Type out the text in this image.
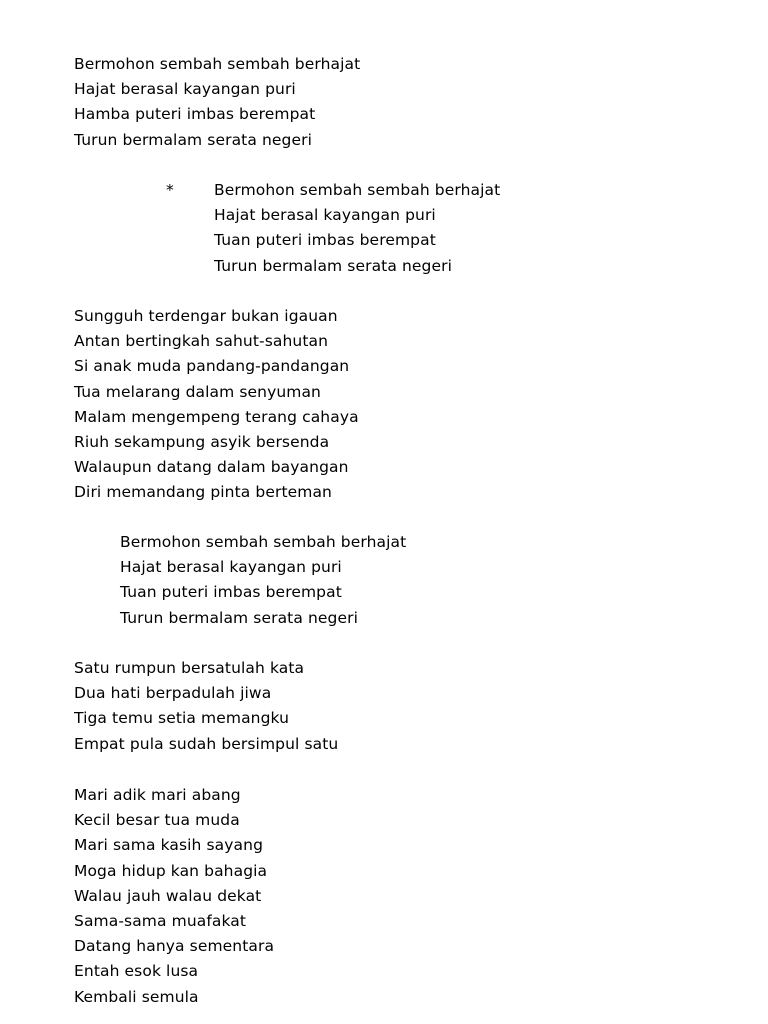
Bermohon sembah sembah berhajat
Hajat berasal kayangan puri
Hamba puteri imbas berempat
Turun bermalam serata negeri
*	Bermohon sembah sembah berhajat
Hajat berasal kayangan puri
Tuan puteri imbas berempat
Turun bermalam serata negeri
Sungguh terdengar bukan igauan
Antan bertingkah sahut-sahutan
Si anak muda pandang-pandangan
Tua melarang dalam senyuman
Malam mengempeng terang cahaya
Riuh sekampung asyik bersenda
Walaupun datang dalam bayangan
Diri memandang pinta berteman
Bermohon sembah sembah berhajat
Hajat berasal kayangan puri
Tuan puteri imbas berempat
Turun bermalam serata negeri
Satu rumpun bersatulah kata
Dua hati berpadulah jiwa
Tiga temu setia memangku
Empat pula sudah bersimpul satu
Mari adik mari abang
Kecil besar tua muda
Mari sama kasih sayang
Moga hidup kan bahagia
Walau jauh walau dekat
Sama-sama muafakat
Datang hanya sementara
Entah esok lusa
Kembali semula
